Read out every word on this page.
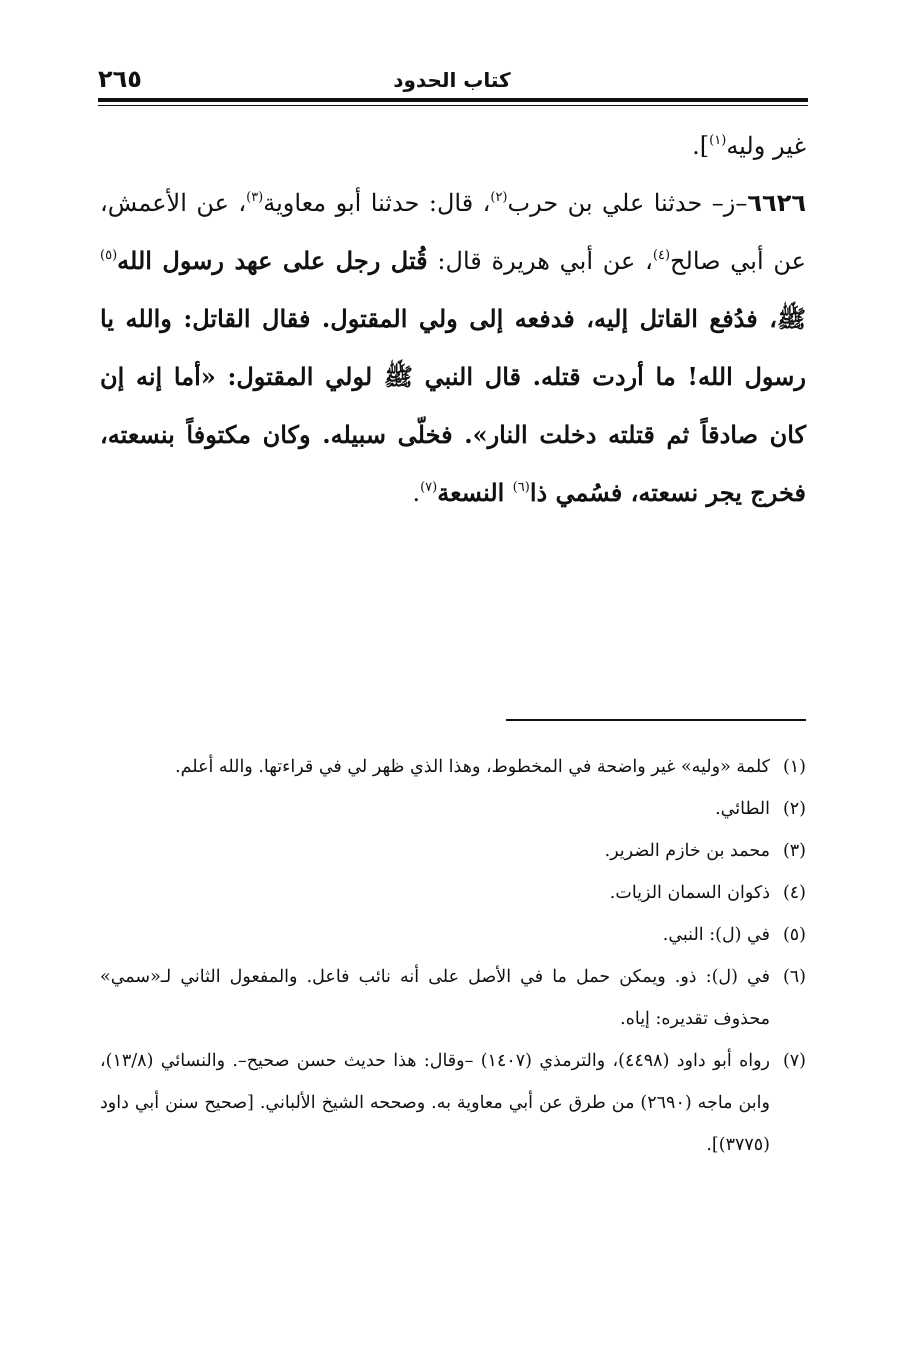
كتاب الحدود
٢٦٥

غير وليه$^{(١)}$].

٦٦٢٦–ز– حدثنا علي بن حرب$^{(٢)}$، قال: حدثنا أبو معاوية$^{(٣)}$، عن الأعمش، عن أبي صالح$^{(٤)}$، عن أبي هريرة قال: قُتل رجل على عهد رسول الله$^{(٥)}$ ﷺ، فدُفع القاتل إليه، فدفعه إلى ولي المقتول. فقال القاتل: والله يا رسول الله! ما أردت قتله. قال النبي ﷺ لولي المقتول: «أما إنه إن كان صادقاً ثم قتلته دخلت النار». فخلّى سبيله. وكان مكتوفاً بنسعته، فخرج يجر نسعته، فسُمي ذا$^{(٦)}$ النسعة$^{(٧)}$.

(١)
كلمة «وليه» غير واضحة في المخطوط، وهذا الذي ظهر لي في قراءتها. والله أعلم.
(٢)
الطائي.
(٣)
محمد بن خازم الضرير.
(٤)
ذكوان السمان الزيات.
(٥)
في (ل): النبي.
(٦)
في (ل): ذو. ويمكن حمل ما في الأصل على أنه نائب فاعل. والمفعول الثاني لـ«سمي» محذوف تقديره: إياه.
(٧)
رواه أبو داود (٤٤٩٨)، والترمذي (١٤٠٧) –وقال: هذا حديث حسن صحيح–. والنسائي (١٣/٨)، وابن ماجه (٢٦٩٠) من طرق عن أبي معاوية به. وصححه الشيخ الألباني. [صحيح سنن أبي داود (٣٧٧٥)].
